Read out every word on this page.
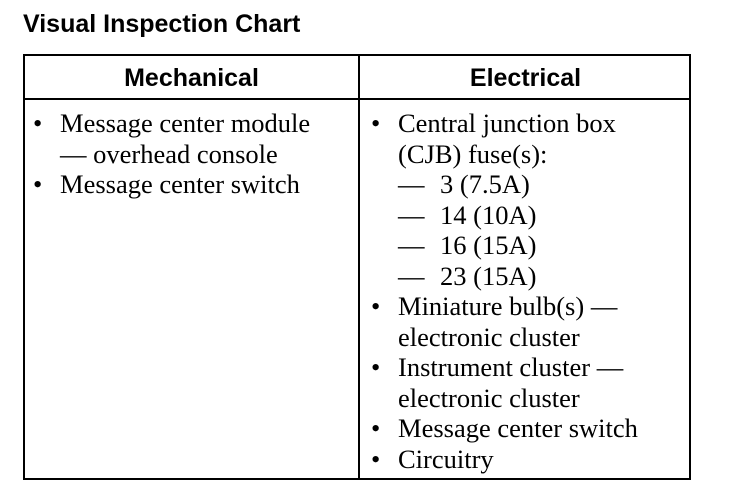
Visual Inspection Chart
Mechanical	Electrical
• Message center module
— overhead console
• Message center switch
• Central junction box
(CJB) fuse(s):
— 3 (7.5A)
— 14 (10A)
— 16 (15A)
— 23 (15A)
• Miniature bulb(s) —
electronic cluster
• Instrument cluster —
electronic cluster
• Message center switch
• Circuitry
